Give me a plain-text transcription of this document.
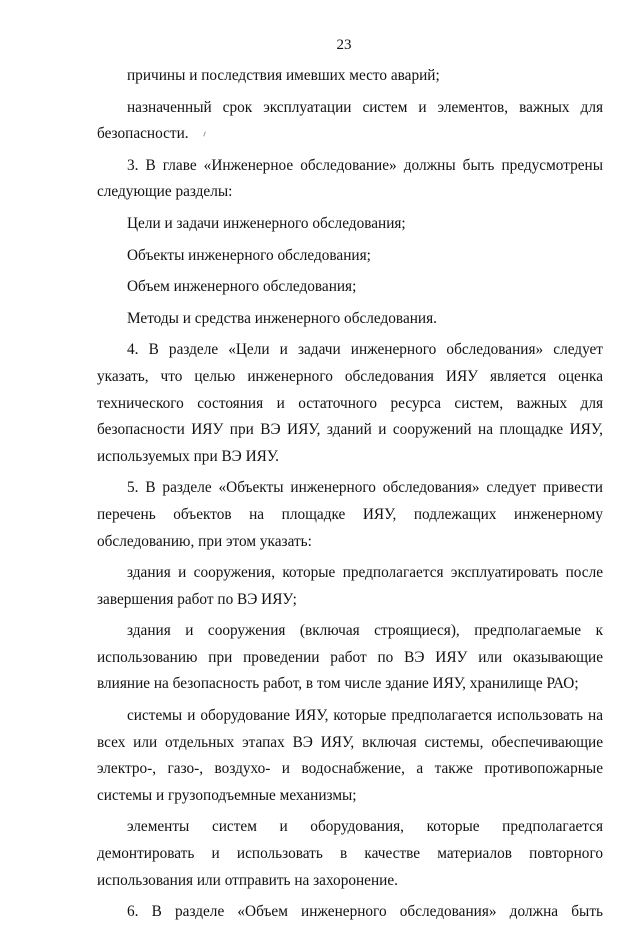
23

причины и последствия имевших место аварий;

назначенный срок эксплуатации систем и элементов, важных для безопасности.

3. В главе «Инженерное обследование» должны быть предусмотрены следующие разделы:

Цели и задачи инженерного обследования;

Объекты инженерного обследования;

Объем инженерного обследования;

Методы и средства инженерного обследования.

4. В разделе «Цели и задачи инженерного обследования» следует указать, что целью инженерного обследования ИЯУ является оценка технического состояния и остаточного ресурса систем, важных для безопасности ИЯУ при ВЭ ИЯУ, зданий и сооружений на площадке ИЯУ, используемых при ВЭ ИЯУ.

5. В разделе «Объекты инженерного обследования» следует привести перечень объектов на площадке ИЯУ, подлежащих инженерному обследованию, при этом указать:

здания и сооружения, которые предполагается эксплуатировать после завершения работ по ВЭ ИЯУ;

здания и сооружения (включая строящиеся), предполагаемые к использованию при проведении работ по ВЭ ИЯУ или оказывающие влияние на безопасность работ, в том числе здание ИЯУ, хранилище РАО;

системы и оборудование ИЯУ, которые предполагается использовать на всех или отдельных этапах ВЭ ИЯУ, включая системы, обеспечивающие электро-, газо-, воздухо- и водоснабжение, а также противопожарные системы и грузоподъемные механизмы;

элементы систем и оборудования, которые предполагается демонтировать и использовать в качестве материалов повторного использования или отправить на захоронение.

6. В разделе «Объем инженерного обследования» должна быть
